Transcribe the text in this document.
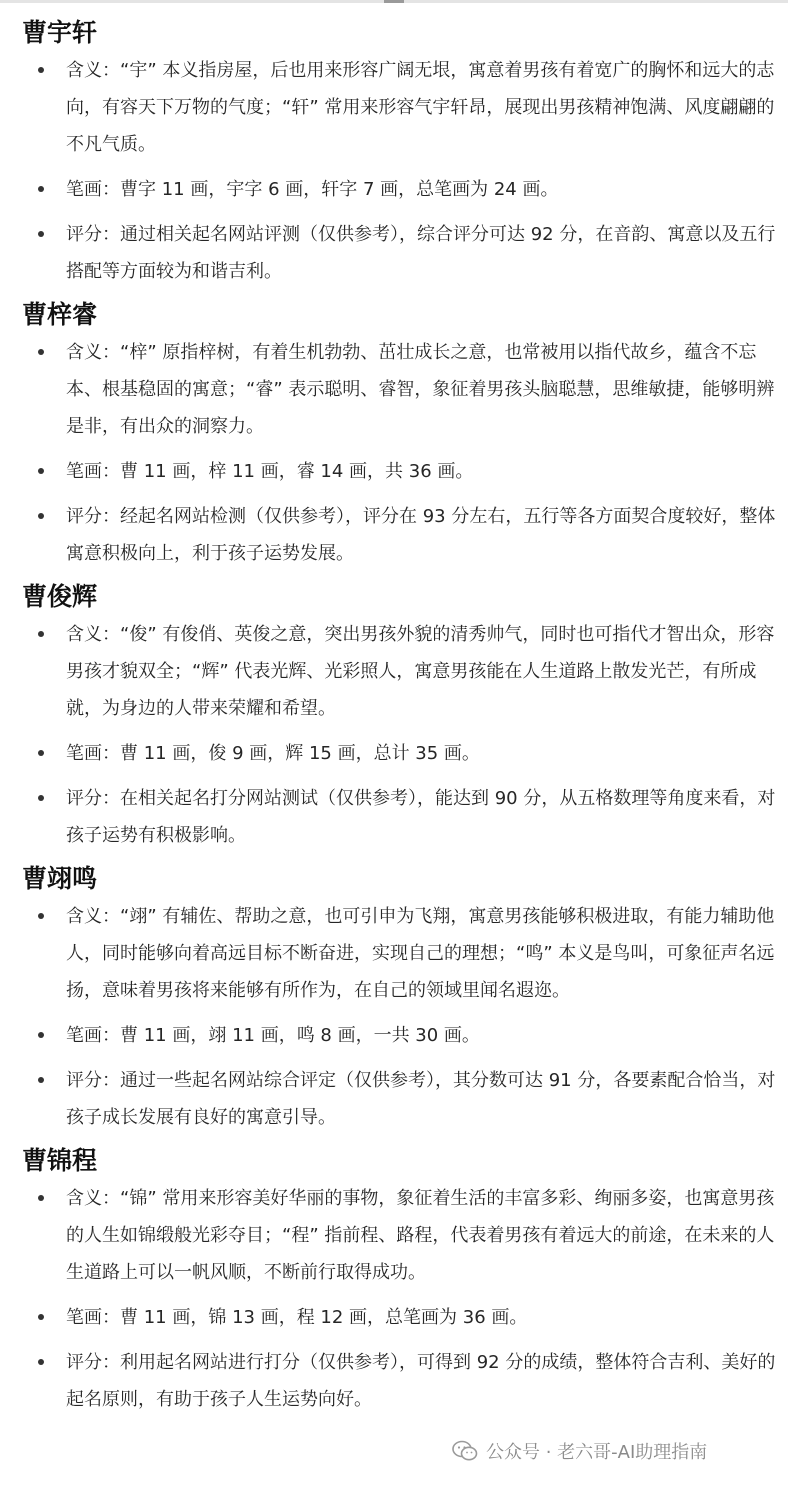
曹宇轩
含义：“宇” 本义指房屋，后也用来形容广阔无垠，寓意着男孩有着宽广的胸怀和远大的志向，有容天下万物的气度；“轩” 常用来形容气宇轩昂，展现出男孩精神饱满、风度翩翩的不凡气质。
笔画：曹字 11 画，宇字 6 画，轩字 7 画，总笔画为 24 画。
评分：通过相关起名网站评测（仅供参考），综合评分可达 92 分，在音韵、寓意以及五行搭配等方面较为和谐吉利。
曹梓睿
含义：“梓” 原指梓树，有着生机勃勃、茁壮成长之意，也常被用以指代故乡，蕴含不忘本、根基稳固的寓意；“睿” 表示聪明、睿智，象征着男孩头脑聪慧，思维敏捷，能够明辨是非，有出众的洞察力。
笔画：曹 11 画，梓 11 画，睿 14 画，共 36 画。
评分：经起名网站检测（仅供参考），评分在 93 分左右，五行等各方面契合度较好，整体寓意积极向上，利于孩子运势发展。
曹俊辉
含义：“俊” 有俊俏、英俊之意，突出男孩外貌的清秀帅气，同时也可指代才智出众，形容男孩才貌双全；“辉” 代表光辉、光彩照人，寓意男孩能在人生道路上散发光芒，有所成就，为身边的人带来荣耀和希望。
笔画：曹 11 画，俊 9 画，辉 15 画，总计 35 画。
评分：在相关起名打分网站测试（仅供参考），能达到 90 分，从五格数理等角度来看，对孩子运势有积极影响。
曹翊鸣
含义：“翊” 有辅佐、帮助之意，也可引申为飞翔，寓意男孩能够积极进取，有能力辅助他人，同时能够向着高远目标不断奋进，实现自己的理想；“鸣” 本义是鸟叫，可象征声名远扬，意味着男孩将来能够有所作为，在自己的领域里闻名遐迩。
笔画：曹 11 画，翊 11 画，鸣 8 画，一共 30 画。
评分：通过一些起名网站综合评定（仅供参考），其分数可达 91 分，各要素配合恰当，对孩子成长发展有良好的寓意引导。
曹锦程
含义：“锦” 常用来形容美好华丽的事物，象征着生活的丰富多彩、绚丽多姿，也寓意男孩的人生如锦缎般光彩夺目；“程” 指前程、路程，代表着男孩有着远大的前途，在未来的人生道路上可以一帆风顺，不断前行取得成功。
笔画：曹 11 画，锦 13 画，程 12 画，总笔画为 36 画。
评分：利用起名网站进行打分（仅供参考），可得到 92 分的成绩，整体符合吉利、美好的起名原则，有助于孩子人生运势向好。
公众号 · 老六哥-AI助理指南
